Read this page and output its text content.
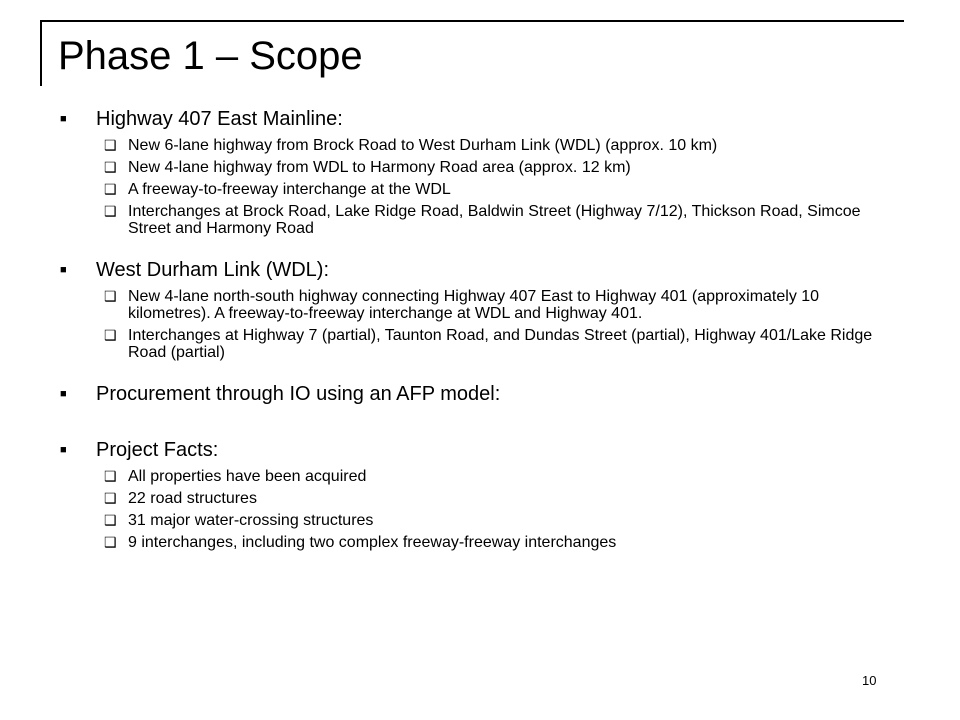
Phase 1 – Scope
■	Highway 407 East Mainline:
❑ New 6-lane highway from Brock Road to West Durham Link (WDL) (approx. 10 km)
❑ New 4-lane highway from WDL to Harmony Road area (approx. 12 km)
❑ A freeway-to-freeway interchange at the WDL
❑ Interchanges at Brock Road, Lake Ridge Road, Baldwin Street (Highway 7/12), Thickson Road, Simcoe Street and Harmony Road
■	West Durham Link (WDL):
❑ New 4-lane north-south highway connecting Highway 407 East to Highway 401 (approximately 10 kilometres). A freeway-to-freeway interchange at WDL and Highway 401.
❑ Interchanges at Highway 7 (partial), Taunton Road, and Dundas Street (partial), Highway 401/Lake Ridge Road (partial)
■	Procurement through IO using an AFP model:
■	Project Facts:
❑ All properties have been acquired
❑ 22 road structures
❑ 31 major water-crossing structures
❑ 9 interchanges, including two complex freeway-freeway interchanges
10
